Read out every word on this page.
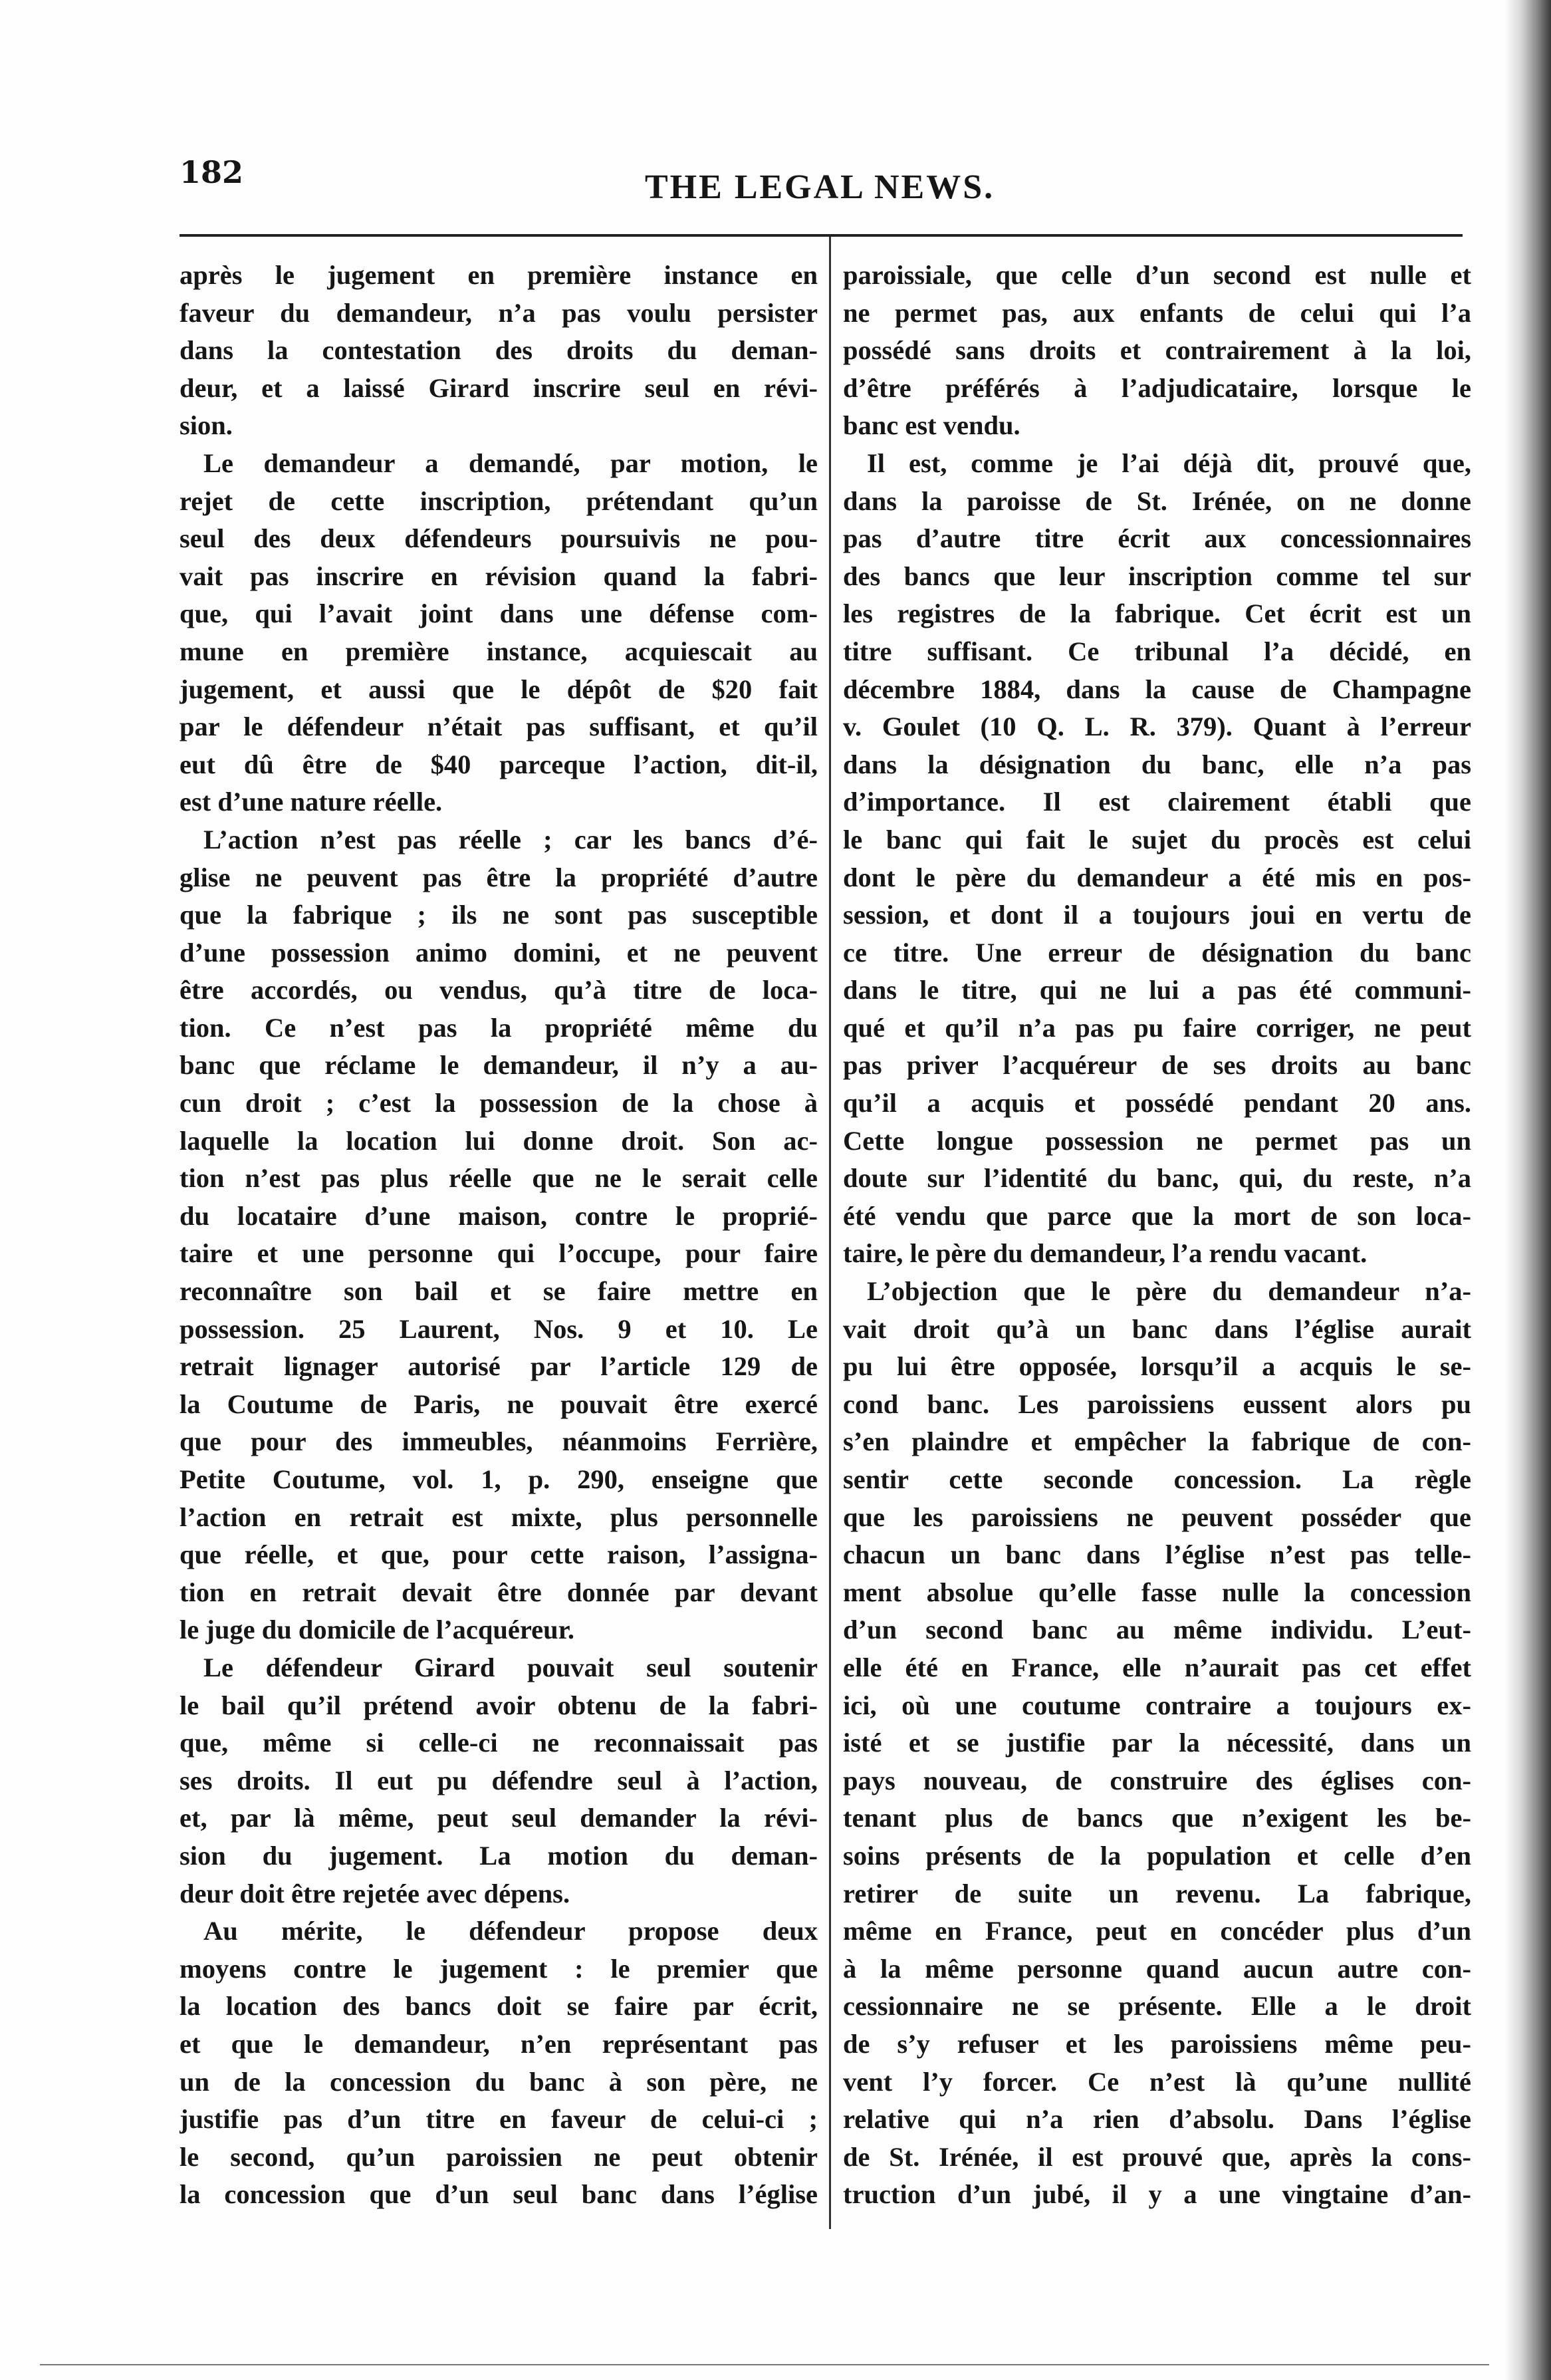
182	THE LEGAL NEWS.
après le jugement en première instance en
faveur du demandeur, n’a pas voulu persister
dans la contestation des droits du deman-
deur, et a laissé Girard inscrire seul en révi-
sion.
Le demandeur a demandé, par motion, le
rejet de cette inscription, prétendant qu’un
seul des deux défendeurs poursuivis ne pou-
vait pas inscrire en révision quand la fabri-
que, qui l’avait joint dans une défense com-
mune en première instance, acquiescait au
jugement, et aussi que le dépôt de $20 fait
par le défendeur n’était pas suffisant, et qu’il
eut dû être de $40 parceque l’action, dit-il,
est d’une nature réelle.
L’action n’est pas réelle ; car les bancs d’é-
glise ne peuvent pas être la propriété d’autre
que la fabrique ; ils ne sont pas susceptible
d’une possession animo domini, et ne peuvent
être accordés, ou vendus, qu’à titre de loca-
tion. Ce n’est pas la propriété même du
banc que réclame le demandeur, il n’y a au-
cun droit ; c’est la possession de la chose à
laquelle la location lui donne droit. Son ac-
tion n’est pas plus réelle que ne le serait celle
du locataire d’une maison, contre le proprié-
taire et une personne qui l’occupe, pour faire
reconnaître son bail et se faire mettre en
possession. 25 Laurent, Nos. 9 et 10. Le
retrait lignager autorisé par l’article 129 de
la Coutume de Paris, ne pouvait être exercé
que pour des immeubles, néanmoins Ferrière,
Petite Coutume, vol. 1, p. 290, enseigne que
l’action en retrait est mixte, plus personnelle
que réelle, et que, pour cette raison, l’assigna-
tion en retrait devait être donnée par devant
le juge du domicile de l’acquéreur.
Le défendeur Girard pouvait seul soutenir
le bail qu’il prétend avoir obtenu de la fabri-
que, même si celle-ci ne reconnaissait pas
ses droits. Il eut pu défendre seul à l’action,
et, par là même, peut seul demander la révi-
sion du jugement. La motion du deman-
deur doit être rejetée avec dépens.
Au mérite, le défendeur propose deux
moyens contre le jugement : le premier que
la location des bancs doit se faire par écrit,
et que le demandeur, n’en représentant pas
un de la concession du banc à son père, ne
justifie pas d’un titre en faveur de celui-ci ;
le second, qu’un paroissien ne peut obtenir
la concession que d’un seul banc dans l’église
paroissiale, que celle d’un second est nulle et
ne permet pas, aux enfants de celui qui l’a
possédé sans droits et contrairement à la loi,
d’être préférés à l’adjudicataire, lorsque le
banc est vendu.
Il est, comme je l’ai déjà dit, prouvé que,
dans la paroisse de St. Irénée, on ne donne
pas d’autre titre écrit aux concessionnaires
des bancs que leur inscription comme tel sur
les registres de la fabrique. Cet écrit est un
titre suffisant. Ce tribunal l’a décidé, en
décembre 1884, dans la cause de Champagne
v. Goulet (10 Q. L. R. 379). Quant à l’erreur
dans la désignation du banc, elle n’a pas
d’importance. Il est clairement établi que
le banc qui fait le sujet du procès est celui
dont le père du demandeur a été mis en pos-
session, et dont il a toujours joui en vertu de
ce titre. Une erreur de désignation du banc
dans le titre, qui ne lui a pas été communi-
qué et qu’il n’a pas pu faire corriger, ne peut
pas priver l’acquéreur de ses droits au banc
qu’il a acquis et possédé pendant 20 ans.
Cette longue possession ne permet pas un
doute sur l’identité du banc, qui, du reste, n’a
été vendu que parce que la mort de son loca-
taire, le père du demandeur, l’a rendu vacant.
L’objection que le père du demandeur n’a-
vait droit qu’à un banc dans l’église aurait
pu lui être opposée, lorsqu’il a acquis le se-
cond banc. Les paroissiens eussent alors pu
s’en plaindre et empêcher la fabrique de con-
sentir cette seconde concession. La règle
que les paroissiens ne peuvent posséder que
chacun un banc dans l’église n’est pas telle-
ment absolue qu’elle fasse nulle la concession
d’un second banc au même individu. L’eut-
elle été en France, elle n’aurait pas cet effet
ici, où une coutume contraire a toujours ex-
isté et se justifie par la nécessité, dans un
pays nouveau, de construire des églises con-
tenant plus de bancs que n’exigent les be-
soins présents de la population et celle d’en
retirer de suite un revenu. La fabrique,
même en France, peut en concéder plus d’un
à la même personne quand aucun autre con-
cessionnaire ne se présente. Elle a le droit
de s’y refuser et les paroissiens même peu-
vent l’y forcer. Ce n’est là qu’une nullité
relative qui n’a rien d’absolu. Dans l’église
de St. Irénée, il est prouvé que, après la cons-
truction d’un jubé, il y a une vingtaine d’an-
